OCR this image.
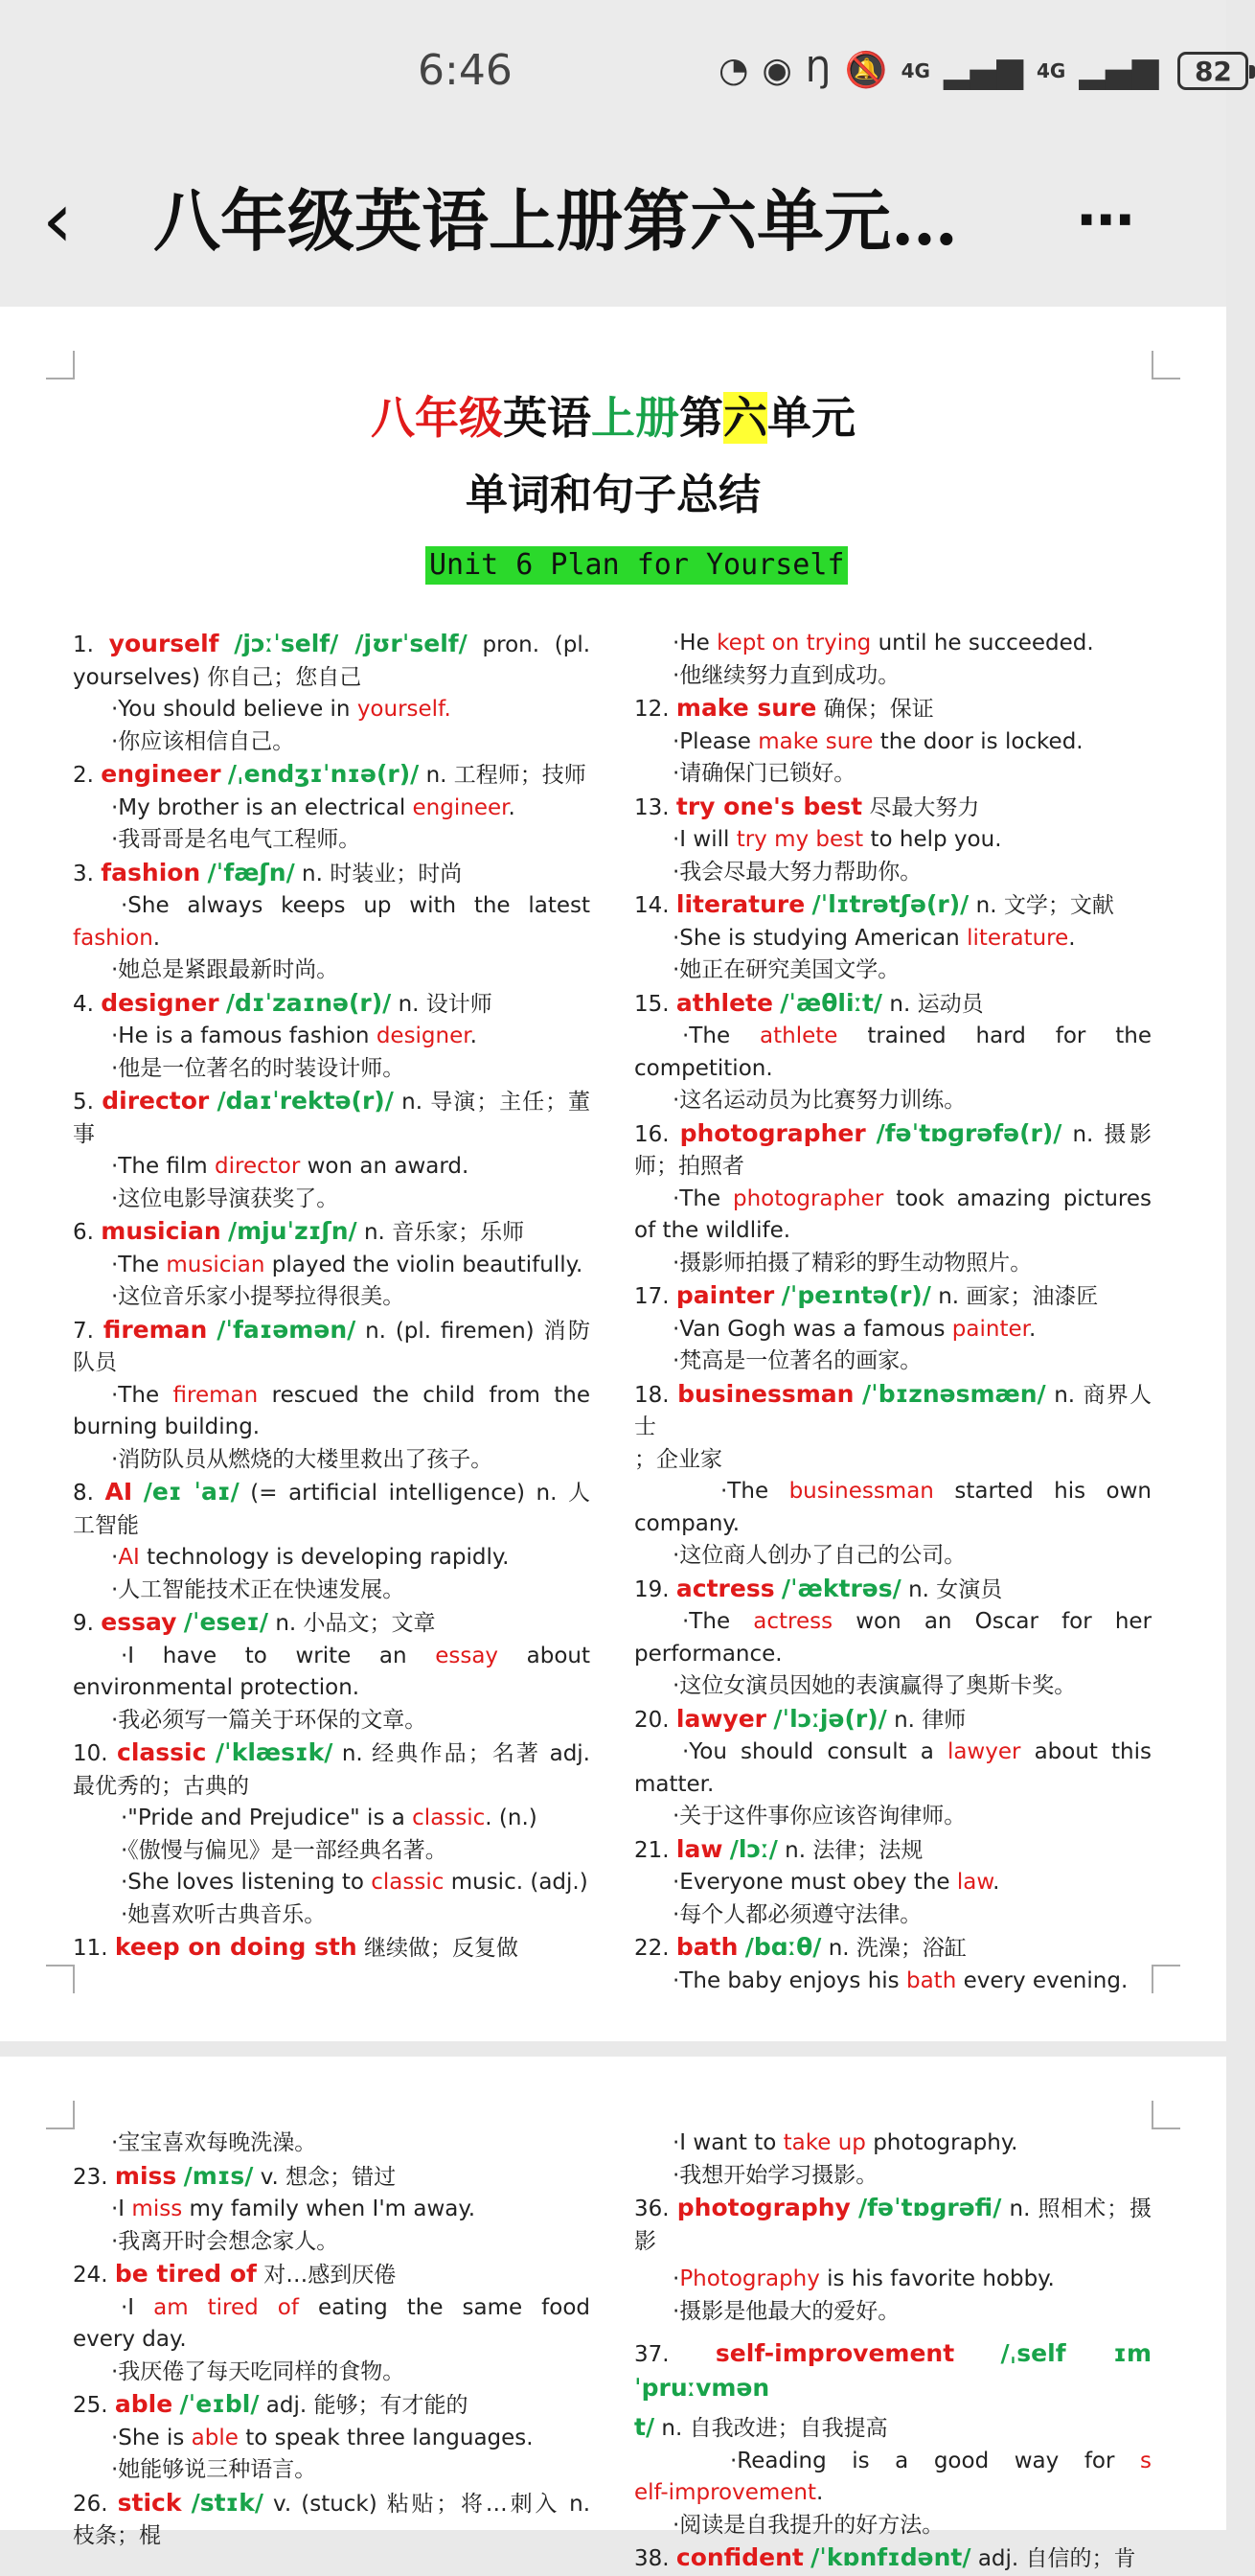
6:46	◔ ◉ Ŋ 🔕 4G ▂▄▆ 4G ▂▄▆ 82
‹	八年级英语上册第六单元…	⋯
八年级英语上册第六单元
单词和句子总结
Unit 6 Plan for Yourself
1. yourself /jɔːˈself/ /jʊrˈself/ pron. (pl.
yourselves) 你自己；您自己
·You should believe in yourself.
·你应该相信自己。
2. engineer /ˌendʒɪˈnɪə(r)/ n. 工程师；技师
·My brother is an electrical engineer.
·我哥哥是名电气工程师。
3. fashion /ˈfæʃn/ n. 时装业；时尚
·She always keeps up with the latest
fashion.
·她总是紧跟最新时尚。
4. designer /dɪˈzaɪnə(r)/ n. 设计师
·He is a famous fashion designer.
·他是一位著名的时装设计师。
5. director /daɪˈrektə(r)/ n. 导演；主任；董
事
·The film director won an award.
·这位电影导演获奖了。
6. musician /mjuˈzɪʃn/ n. 音乐家；乐师
·The musician played the violin beautifully.
·这位音乐家小提琴拉得很美。
7. fireman /ˈfaɪəmən/ n. (pl. firemen) 消防
队员
·The fireman rescued the child from the
burning building.
·消防队员从燃烧的大楼里救出了孩子。
8. AI /eɪ ˈaɪ/ (= artificial intelligence) n. 人
工智能
·AI technology is developing rapidly.
·人工智能技术正在快速发展。
9. essay /ˈeseɪ/ n. 小品文；文章
·I have to write an essay about
environmental protection.
·我必须写一篇关于环保的文章。
10. classic /ˈklæsɪk/ n. 经典作品；名著 adj.
最优秀的；古典的
·"Pride and Prejudice" is a classic. (n.)
·《傲慢与偏见》是一部经典名著。
·She loves listening to classic music. (adj.)
·她喜欢听古典音乐。
11. keep on doing sth 继续做；反复做
·He kept on trying until he succeeded.
·他继续努力直到成功。
12. make sure 确保；保证
·Please make sure the door is locked.
·请确保门已锁好。
13. try one's best 尽最大努力
·I will try my best to help you.
·我会尽最大努力帮助你。
14. literature /ˈlɪtrətʃə(r)/ n. 文学；文献
·She is studying American literature.
·她正在研究美国文学。
15. athlete /ˈæθliːt/ n. 运动员
·The athlete trained hard for the
competition.
·这名运动员为比赛努力训练。
16. photographer /fəˈtɒɡrəfə(r)/ n. 摄影
师；拍照者
·The photographer took amazing pictures
of the wildlife.
·摄影师拍摄了精彩的野生动物照片。
17. painter /ˈpeɪntə(r)/ n. 画家；油漆匠
·Van Gogh was a famous painter.
·梵高是一位著名的画家。
18. businessman /ˈbɪznəsmæn/ n. 商界人士
；企业家
·The businessman started his own
company.
·这位商人创办了自己的公司。
19. actress /ˈæktrəs/ n. 女演员
·The actress won an Oscar for her
performance.
·这位女演员因她的表演赢得了奥斯卡奖。
20. lawyer /ˈlɔːjə(r)/ n. 律师
·You should consult a lawyer about this
matter.
·关于这件事你应该咨询律师。
21. law /lɔː/ n. 法律；法规
·Everyone must obey the law.
·每个人都必须遵守法律。
22. bath /bɑːθ/ n. 洗澡；浴缸
·The baby enjoys his bath every evening.
·宝宝喜欢每晚洗澡。
23. miss /mɪs/ v. 想念；错过
·I miss my family when I'm away.
·我离开时会想念家人。
24. be tired of 对…感到厌倦
·I am tired of eating the same food
every day.
·我厌倦了每天吃同样的食物。
25. able /ˈeɪbl/ adj. 能够；有才能的
·She is able to speak three languages.
·她能够说三种语言。
26. stick /stɪk/ v. (stuck) 粘贴；将…刺入 n.
枝条；棍
·I want to take up photography.
·我想开始学习摄影。
36. photography /fəˈtɒɡrəfi/ n. 照相术；摄
影
·Photography is his favorite hobby.
·摄影是他最大的爱好。
37. self-improvement /ˌself ɪmˈpruːvmən
t/ n. 自我改进；自我提高
·Reading is a good way for s
elf-improvement.
·阅读是自我提升的好方法。
38. confident /ˈkɒnfɪdənt/ adj. 自信的；肯
